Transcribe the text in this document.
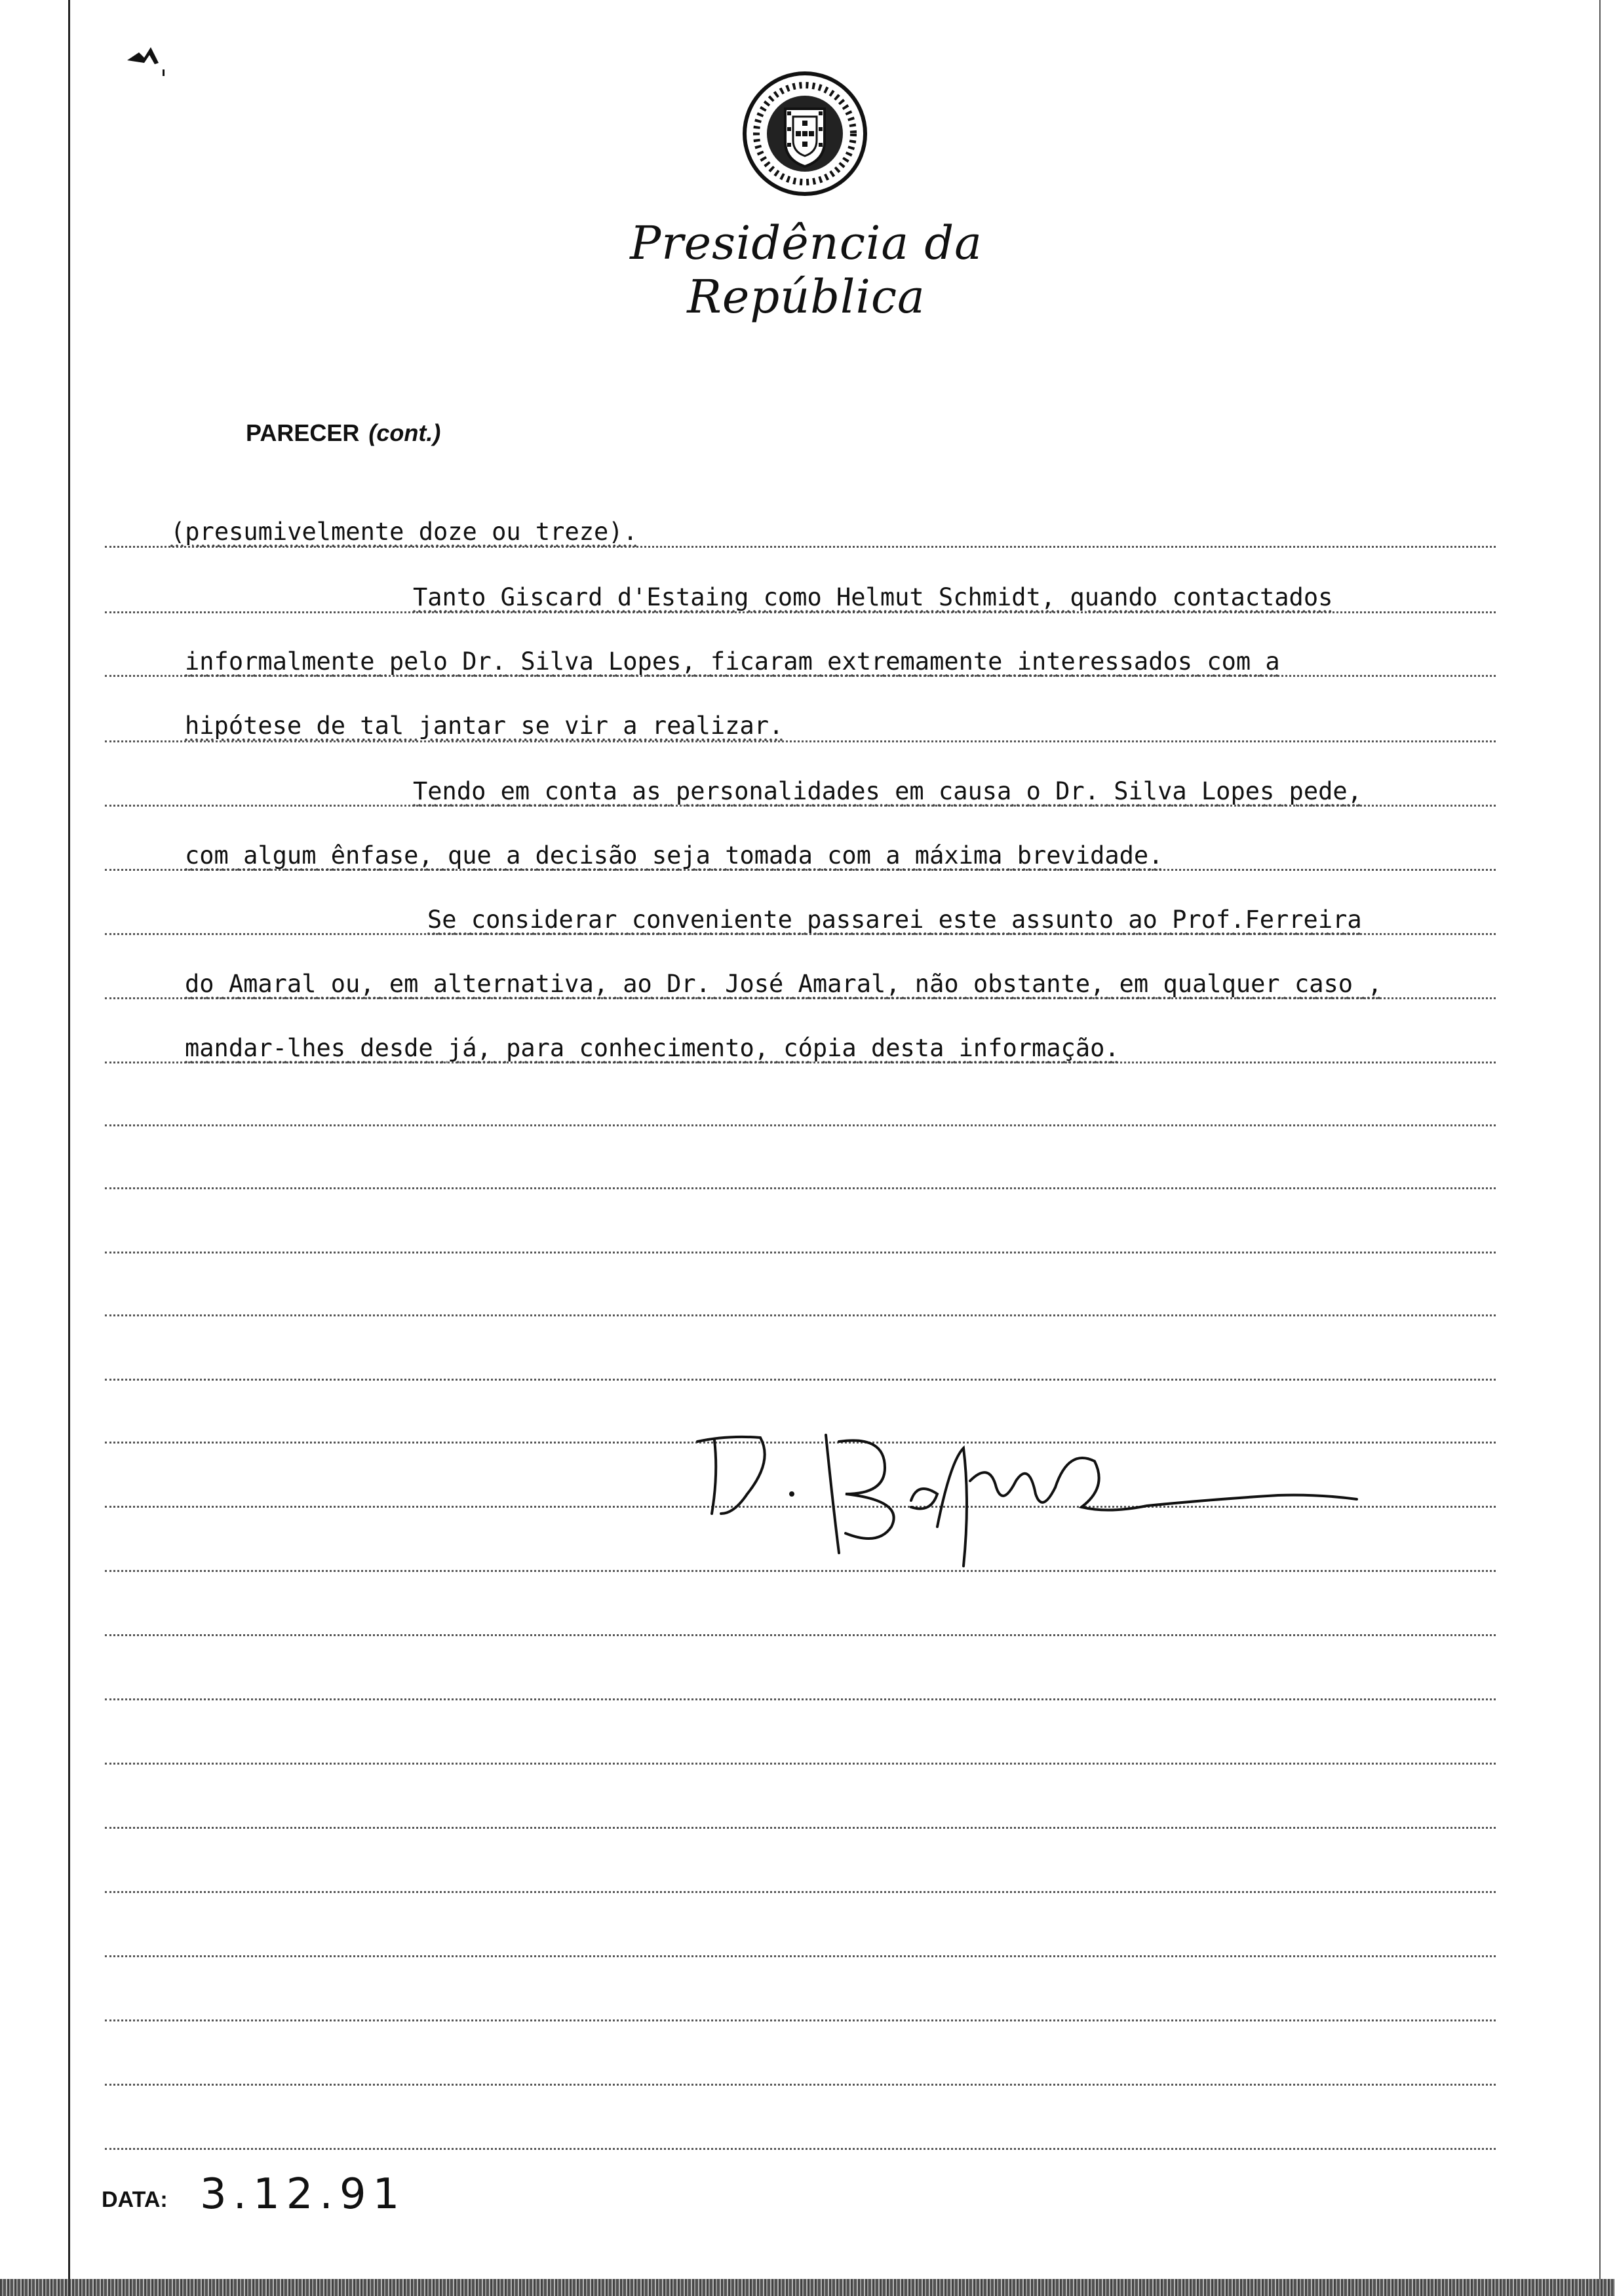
Presidência da República
PARECER (cont.)
(presumivelmente doze ou treze).
Tanto Giscard d'Estaing como Helmut Schmidt, quando contactados
informalmente pelo Dr. Silva Lopes, ficaram extremamente interessados com a
hipótese de tal jantar se vir a realizar.
Tendo em conta as personalidades em causa o Dr. Silva Lopes pede,
com algum ênfase, que a decisão seja tomada com a máxima brevidade.
Se considerar conveniente passarei este assunto ao Prof.Ferreira
do Amaral ou, em alternativa, ao Dr. José Amaral, não obstante, em qualquer caso ,
mandar-lhes desde já, para conhecimento, cópia desta informação.
DATA: 3.12.91
